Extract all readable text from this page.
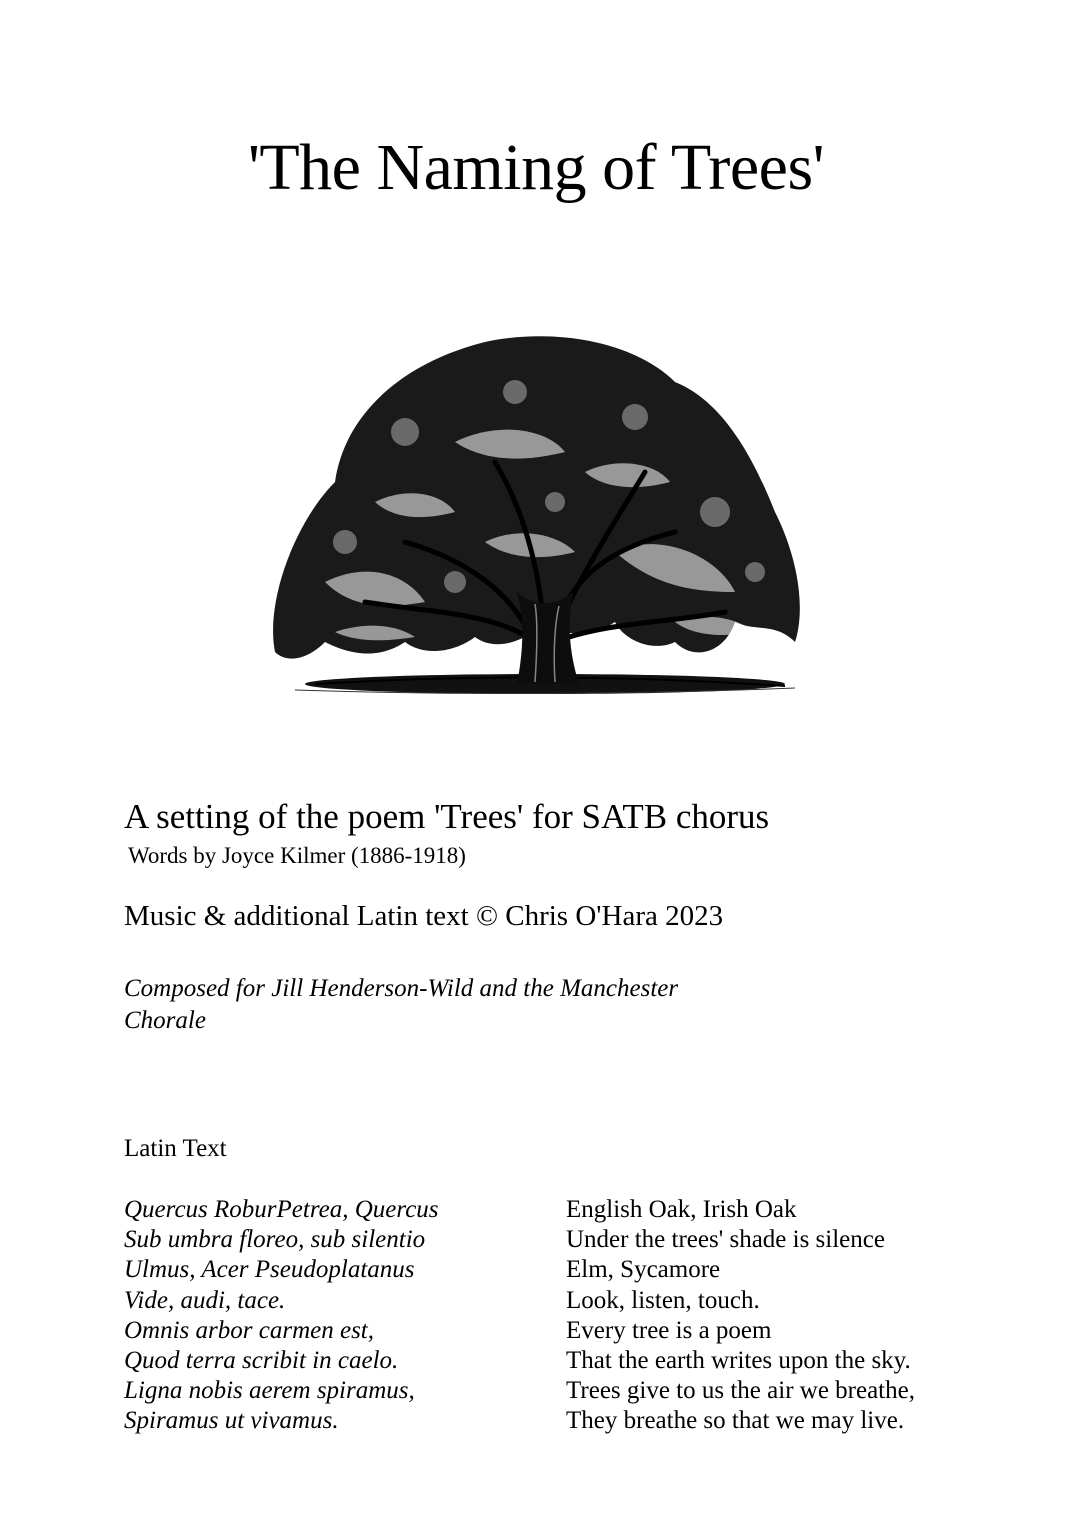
'The Naming of Trees'
A setting of the poem 'Trees' for SATB chorus
Words by Joyce Kilmer (1886-1918)
Music & additional Latin text © Chris O'Hara 2023
Composed for Jill Henderson-Wild and the Manchester
Chorale
Latin Text
Quercus RoburPetrea, Quercus	English Oak, Irish Oak
Sub umbra floreo, sub silentio	Under the trees' shade is silence
Ulmus, Acer Pseudoplatanus	Elm, Sycamore
Vide, audi, tace.	Look, listen, touch.
Omnis arbor carmen est,	Every tree is a poem
Quod terra scribit in caelo.	That the earth writes upon the sky.
Ligna nobis aerem spiramus,	Trees give to us the air we breathe,
Spiramus ut vivamus.	They breathe so that we may live.
